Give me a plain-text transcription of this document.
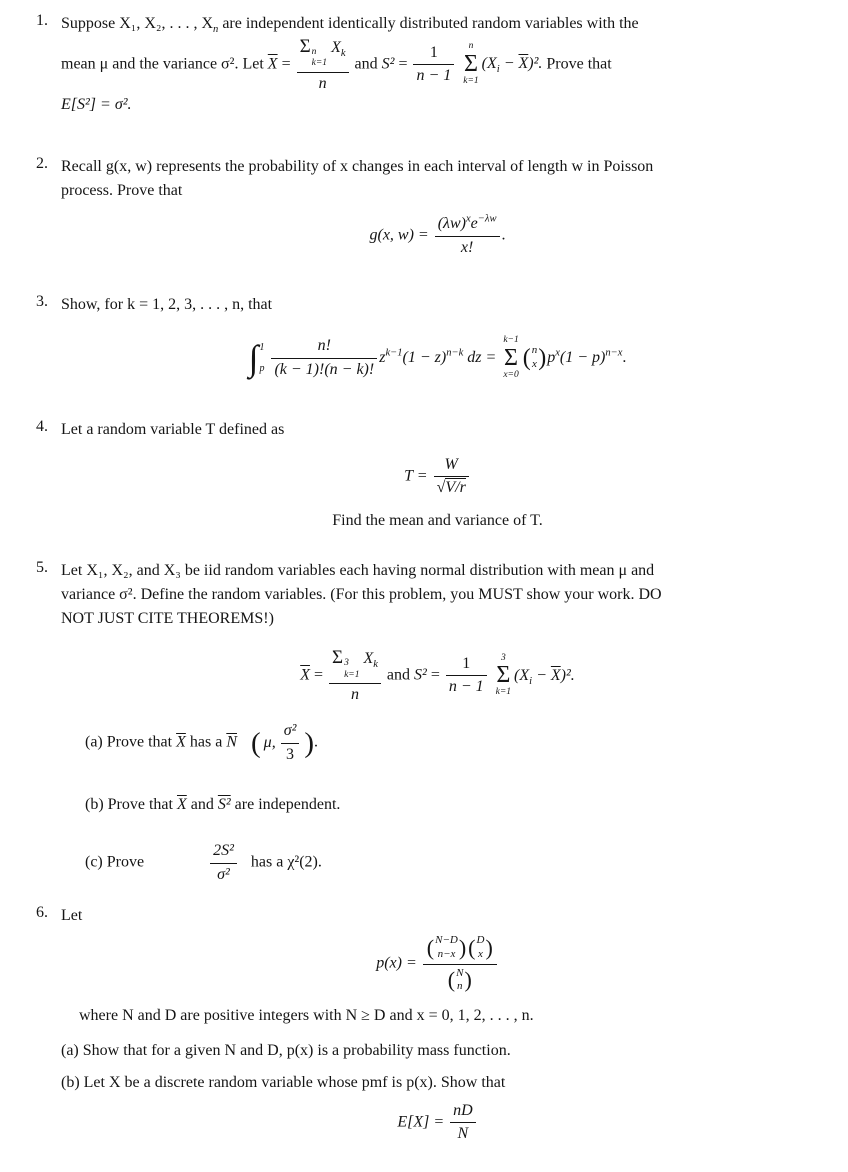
1. Suppose X₁, X₂, . . . , $X_n$ are independent identically distributed random variables with the

mean μ and the variance σ². Let $\overline{X} = \Sigma$ n
k=1
$X_k$
n and $S^2 = \frac{1}{n - 1}$
n
Σ
k=1
$(X_i - \overline{X})^2$. Prove that

E[S²] = σ².

2. Recall g(x, w) represents the probability of x changes in each interval of length w in Poisson

process. Prove that

g(x, $w) = \frac{(\lambda w)^xe^{-\lambda w}}{x!}$ .
3. Show, for k = 1, 2, 3, . . . , n, that

∫ 1
p $\frac{n!}{(k - 1)!(n - k)!} z^{k-1}(1 - z)^{n-k}$ dz =
k−1
Σ
x=0
( n
x ) $p^x(1 - p)^{n-x}$.
4. Let a random variable T defined as

$T = \frac{W}{√V/r}$

Find the mean and variance of T.

5. Let X₁, X₂, and X₃ be iid random variables each having normal distribution with mean μ and

variance σ². Define the random variables. (For this problem, you MUST show your work. DO

NOT JUST CITE THEOREMS!)

$\overline{X} = \Sigma$ 3
k=1
$X_k$
n and $S^2 = \frac{1}{n - 1}$
3
Σ
k=1
$(X_i - \overline{X})^2$.
(a) Prove that $\overline{X}$ has a $\overline{N}$ ( μ, $\frac{\text{σ²}}{3}$ ) .
(b) Prove that $\overline{X}$ and S² are independent.
(c) Prove	$\frac{\text{2S²}}{\text{σ²}}$ has a χ²(2).
6. Let

p(x) = ( N−D
n−x ) ( D
x )
( N
n )

where N and D are positive integers with N ≥ D and x = 0, 1, 2, . . . , n.

(a) Show that for a given N and D, p(x) is a probability mass function.
(b) Let X be a discrete random variable whose pmf is p(x). Show that
$E[X] = \frac{nD}{N}$
